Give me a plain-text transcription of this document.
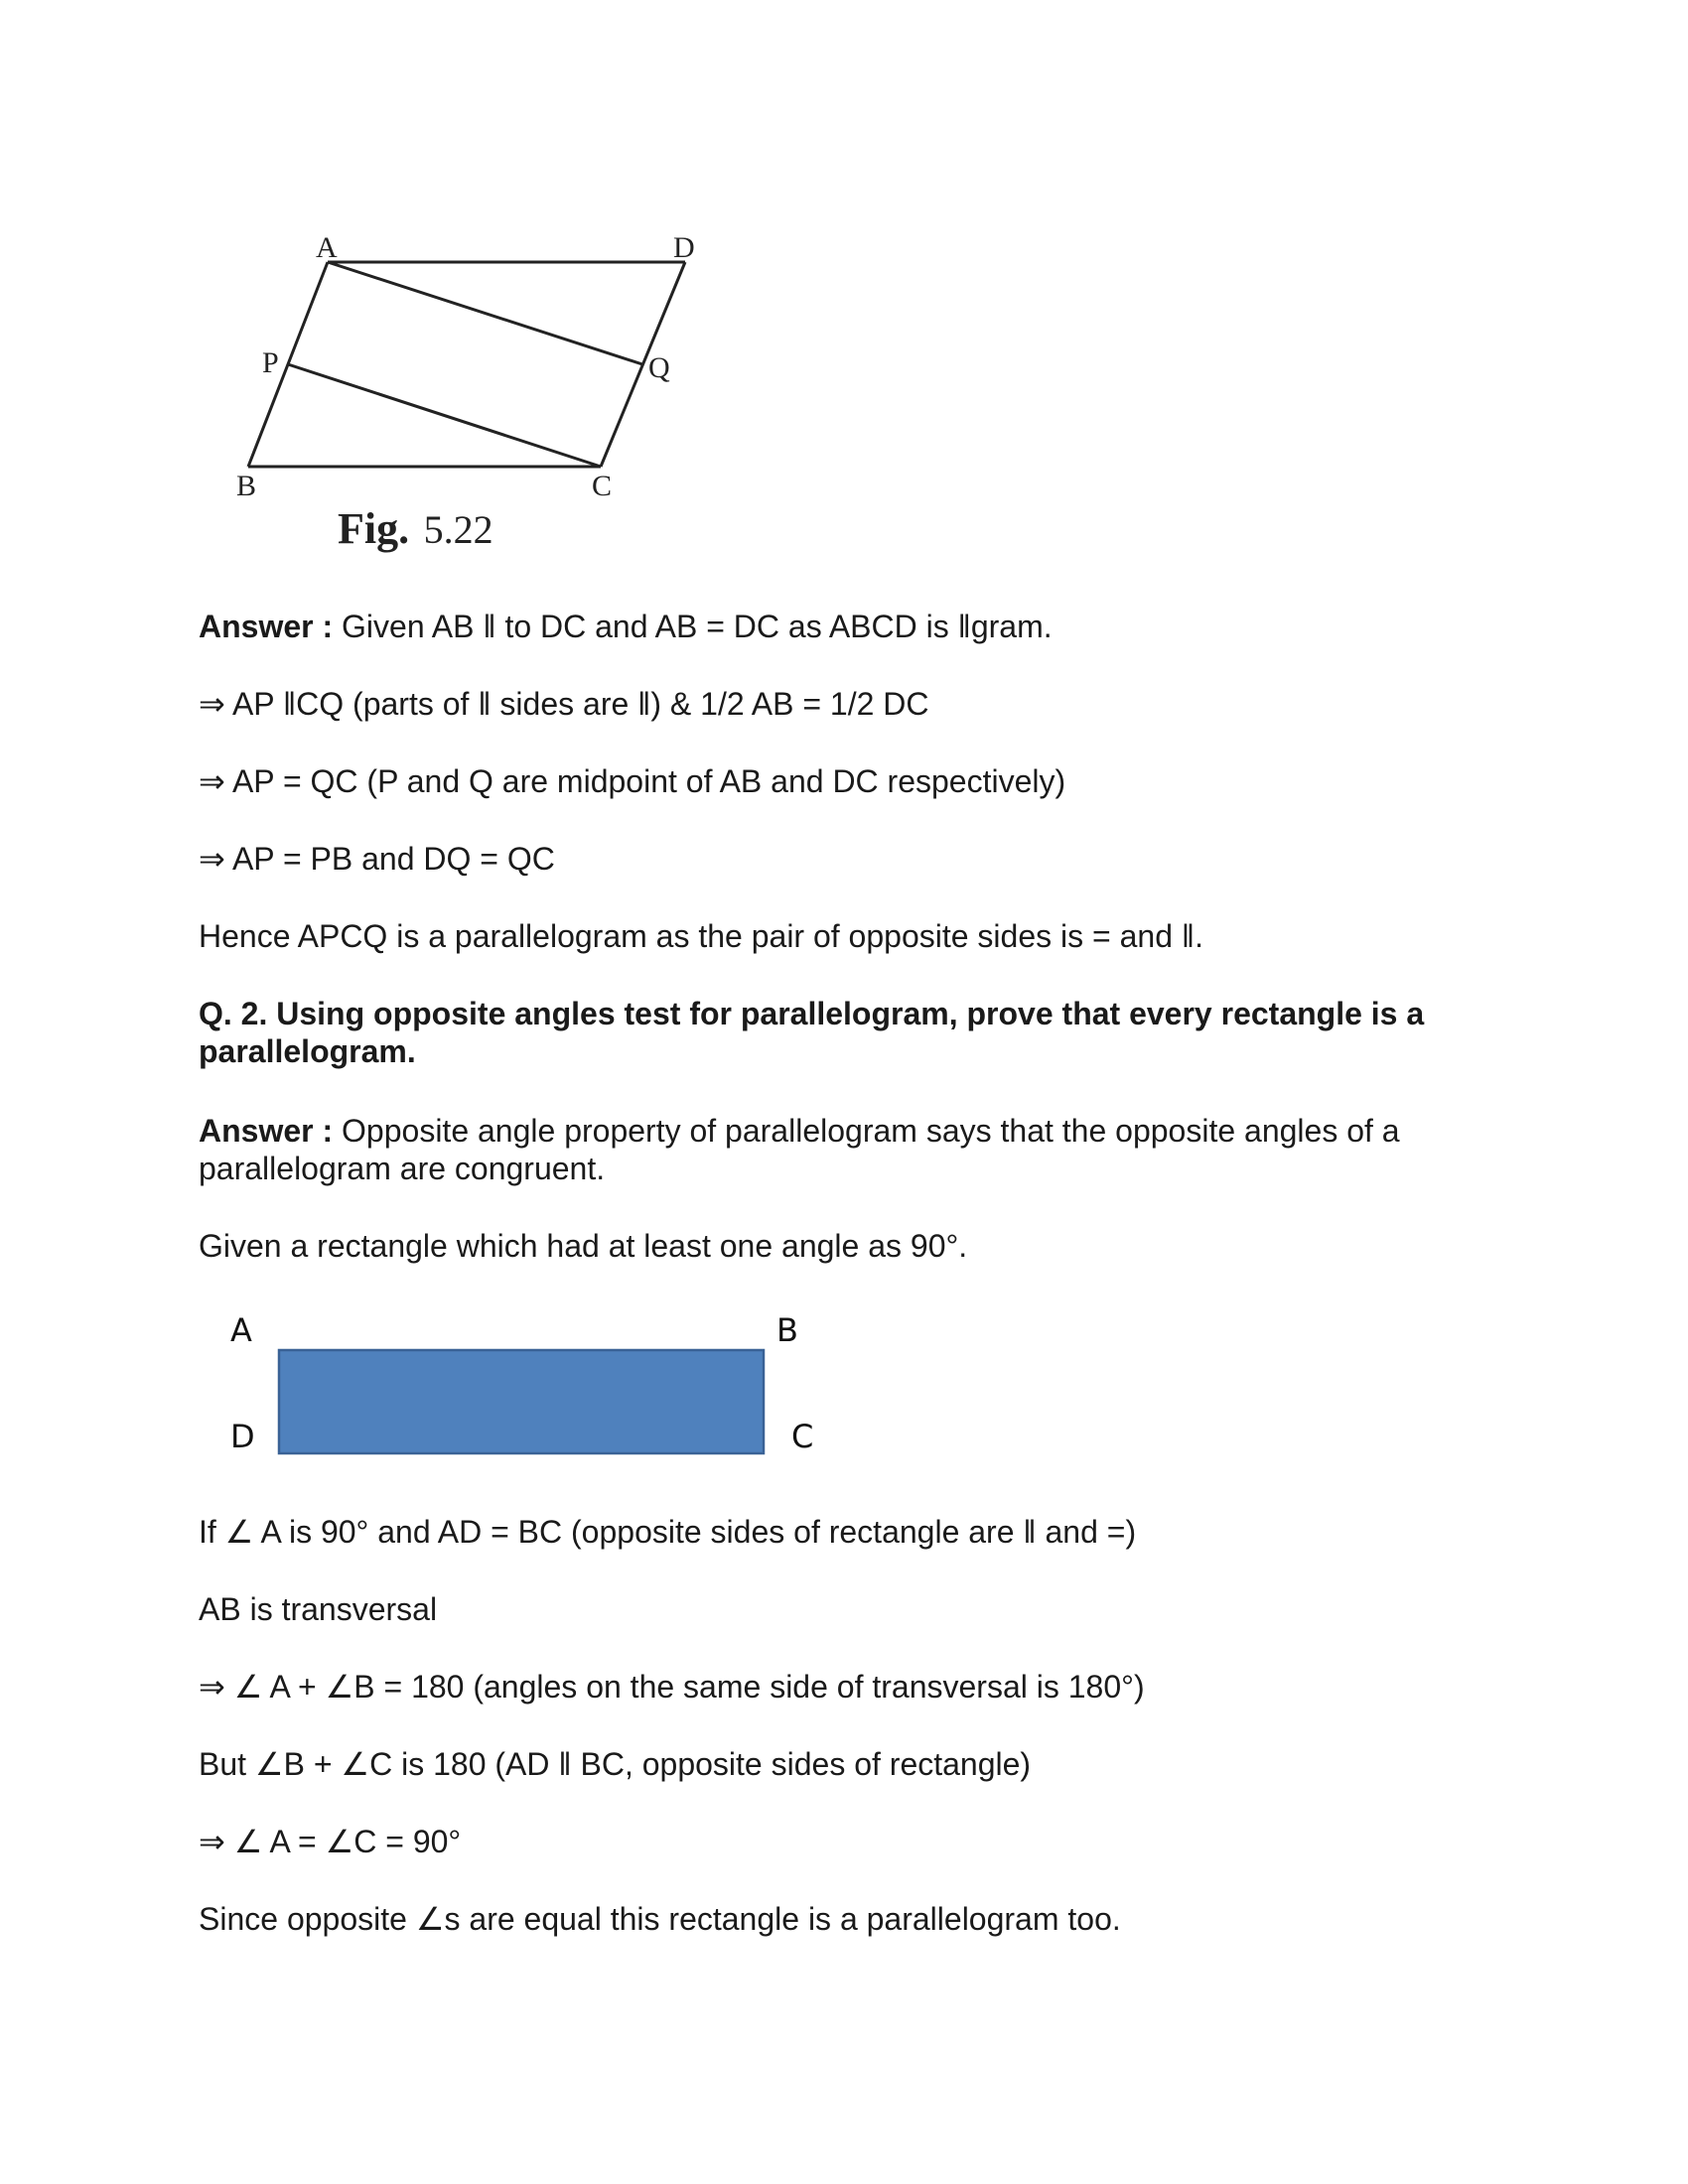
A	D
P	Q
B	C
Fig. 5.22

Answer : Given AB ‖ to DC and AB = DC as ABCD is ‖gram.

⇒ AP ‖CQ (parts of ‖ sides are ‖) & 1/2 AB = 1/2 DC

⇒ AP = QC (P and Q are midpoint of AB and DC respectively)

⇒ AP = PB and DQ = QC

Hence APCQ is a parallelogram as the pair of opposite sides is = and ‖.

Q. 2. Using opposite angles test for parallelogram, prove that every rectangle is a parallelogram.

Answer : Opposite angle property of parallelogram says that the opposite angles of a parallelogram are congruent.

Given a rectangle which had at least one angle as 90°.

A	B
D	C

If ∠ A is 90° and AD = BC (opposite sides of rectangle are ‖ and =)

AB is transversal

⇒ ∠ A + ∠B = 180 (angles on the same side of transversal is 180°)

But ∠B + ∠C is 180 (AD ‖ BC, opposite sides of rectangle)

⇒ ∠ A = ∠C = 90°

Since opposite ∠s are equal this rectangle is a parallelogram too.
